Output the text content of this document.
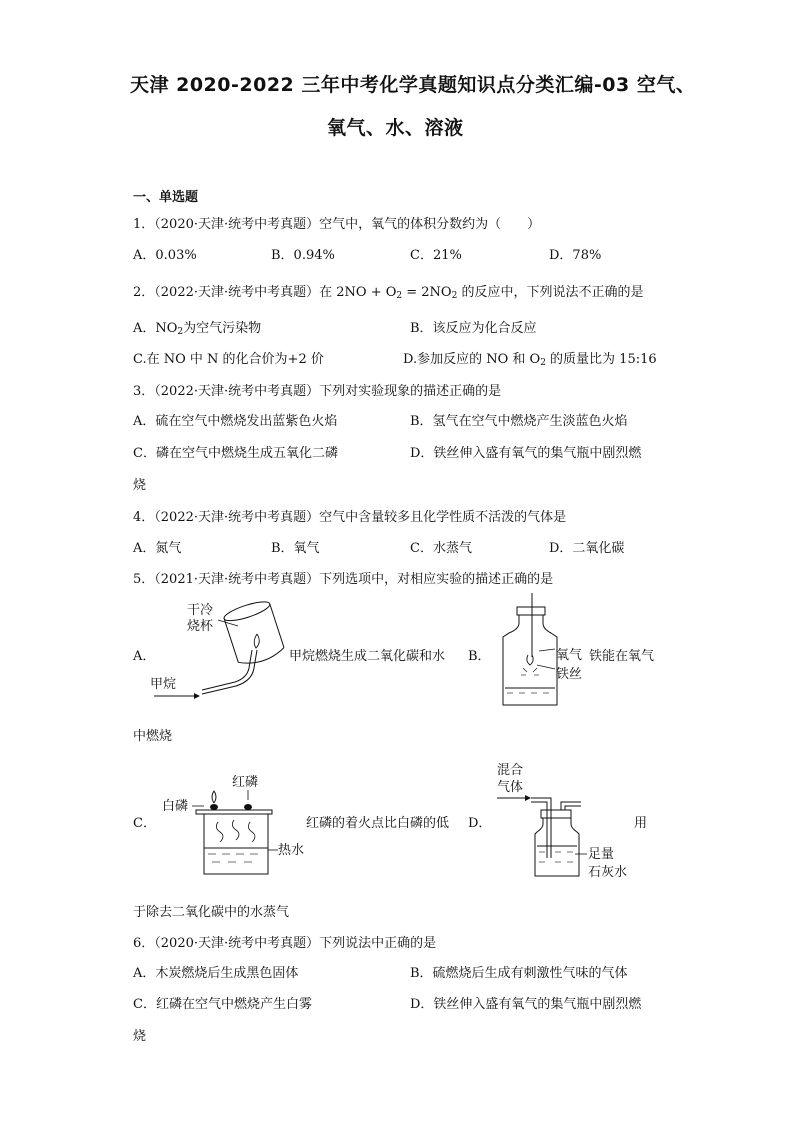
天津 2020-2022 三年中考化学真题知识点分类汇编-03 空气、
氧气、水、溶液
一、单选题
1．（2020·天津·统考中考真题）空气中，氧气的体积分数约为（　　）
A．0.03%	B．0.94%	C．21%	D．78%
2．（2022·天津·统考中考真题）在 $2NO + O_2 = 2NO_2$ 的反应中，下列说法不正确的是
A．$NO_2$为空气污染物	B．该反应为化合反应
C.在 NO 中 N 的化合价为+2 价	D.参加反应的 NO 和 $O_2$ 的质量比为 15:16
3．（2022·天津·统考中考真题）下列对实验现象的描述正确的是
A．硫在空气中燃烧发出蓝紫色火焰	B．氢气在空气中燃烧产生淡蓝色火焰
C．磷在空气中燃烧生成五氧化二磷	D．铁丝伸入盛有氧气的集气瓶中剧烈燃
烧
4．（2022·天津·统考中考真题）空气中含量较多且化学性质不活泼的气体是
A．氮气	B．氧气	C．水蒸气	D．二氧化碳
5．（2021·天津·统考中考真题）下列选项中，对相应实验的描述正确的是
A．
干冷
烧杯
甲烷
甲烷燃烧生成二氧化碳和水 B．	氧气
铁丝
铁能在氧气
中燃烧
C．
红磷
白磷
热水
红磷的着火点比白磷的低 D．
混合
气体
足量
石灰水
用
于除去二氧化碳中的水蒸气
6．（2020·天津·统考中考真题）下列说法中正确的是
A．木炭燃烧后生成黑色固体	B．硫燃烧后生成有刺激性气味的气体
C．红磷在空气中燃烧产生白雾	D．铁丝伸入盛有氧气的集气瓶中剧烈燃
烧
